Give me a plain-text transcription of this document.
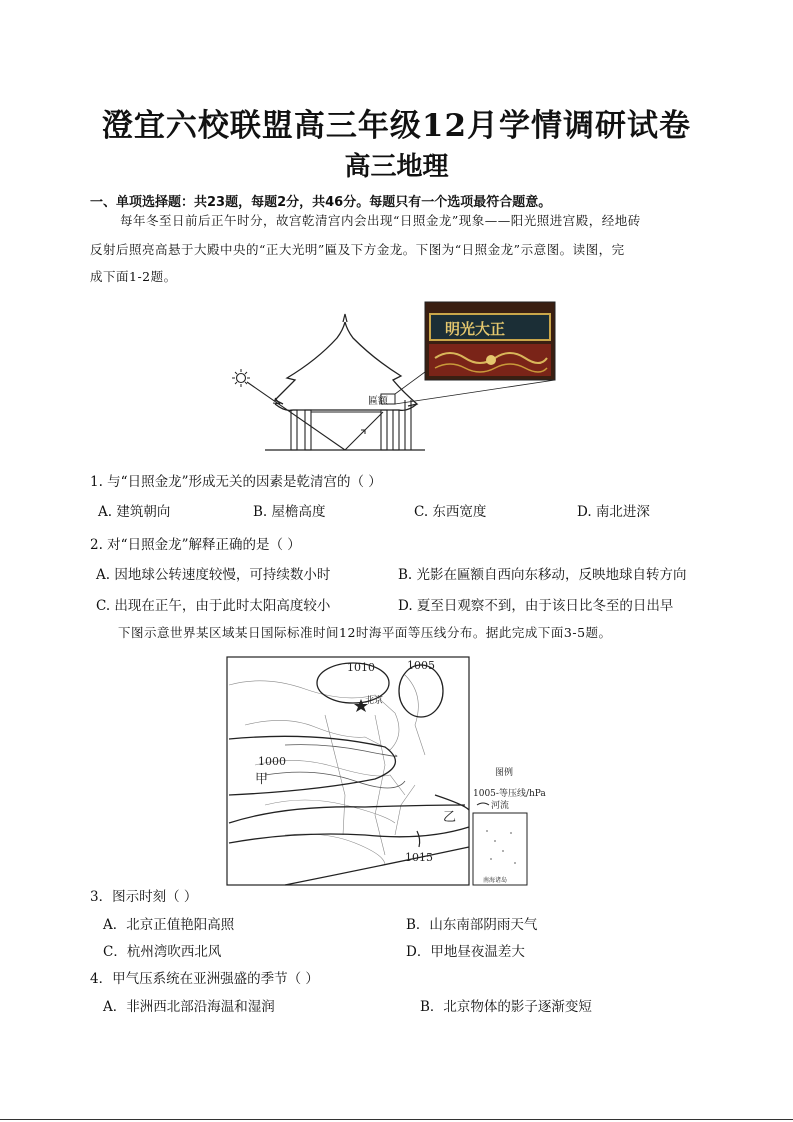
澄宜六校联盟高三年级12月学情调研试卷
高三地理
一、单项选择题：共23题，每题2分，共46分。每题只有一个选项最符合题意。
每年冬至日前后正午时分，故宫乾清宫内会出现“日照金龙”现象——阳光照进宫殿，经地砖
反射后照亮高悬于大殿中央的“正大光明”匾及下方金龙。下图为“日照金龙”示意图。读图，完
成下面1-2题。
匾额
明光大正
1. 与“日照金龙”形成无关的因素是乾清宫的（ ）
A. 建筑朝向	B. 屋檐高度	C. 东西宽度	D. 南北进深
2. 对“日照金龙”解释正确的是（ ）
A. 因地球公转速度较慢，可持续数小时	B. 光影在匾额自西向东移动，反映地球自转方向
C. 出现在正午，由于此时太阳高度较小	D. 夏至日观察不到，由于该日比冬至的日出早
下图示意世界某区域某日国际标准时间12时海平面等压线分布。据此完成下面3-5题。
北京
1010	1005
1000
甲
乙
1015
图例
1005-等压线/hPa
河流
南海诸岛
3．图示时刻（ ）
A．北京正值艳阳高照	B．山东南部阴雨天气
C．杭州湾吹西北风	D．甲地昼夜温差大
4．甲气压系统在亚洲强盛的季节（ ）
A．非洲西北部沿海温和湿润	B．北京物体的影子逐渐变短
